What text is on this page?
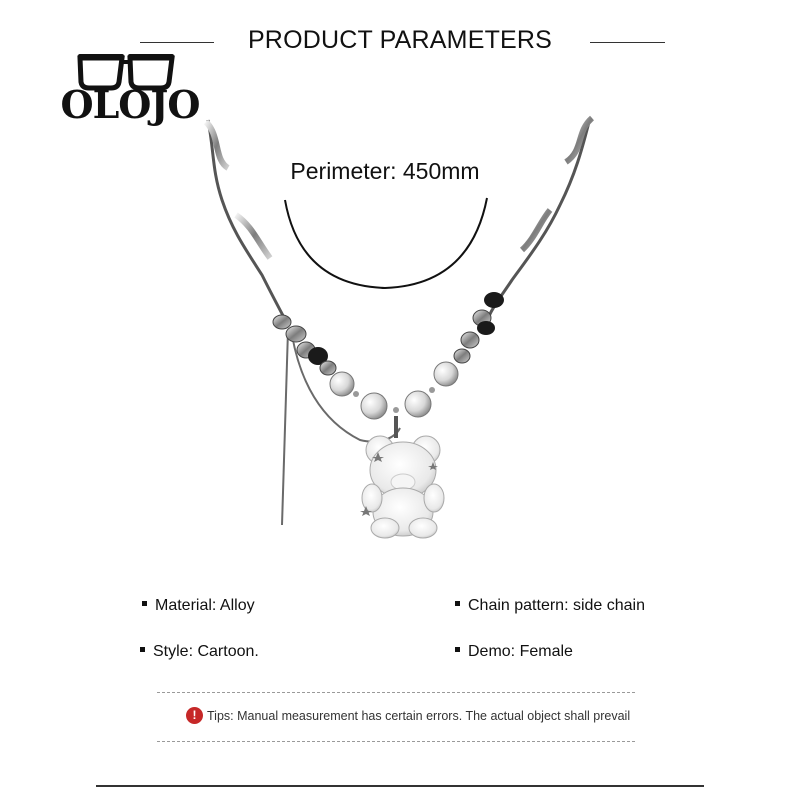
PRODUCT PARAMETERS
OLOJO
Perimeter: 450mm
Material: Alloy	Chain pattern: side chain
Style: Cartoon.	Demo: Female
! Tips: Manual measurement has certain errors. The actual object shall prevail
